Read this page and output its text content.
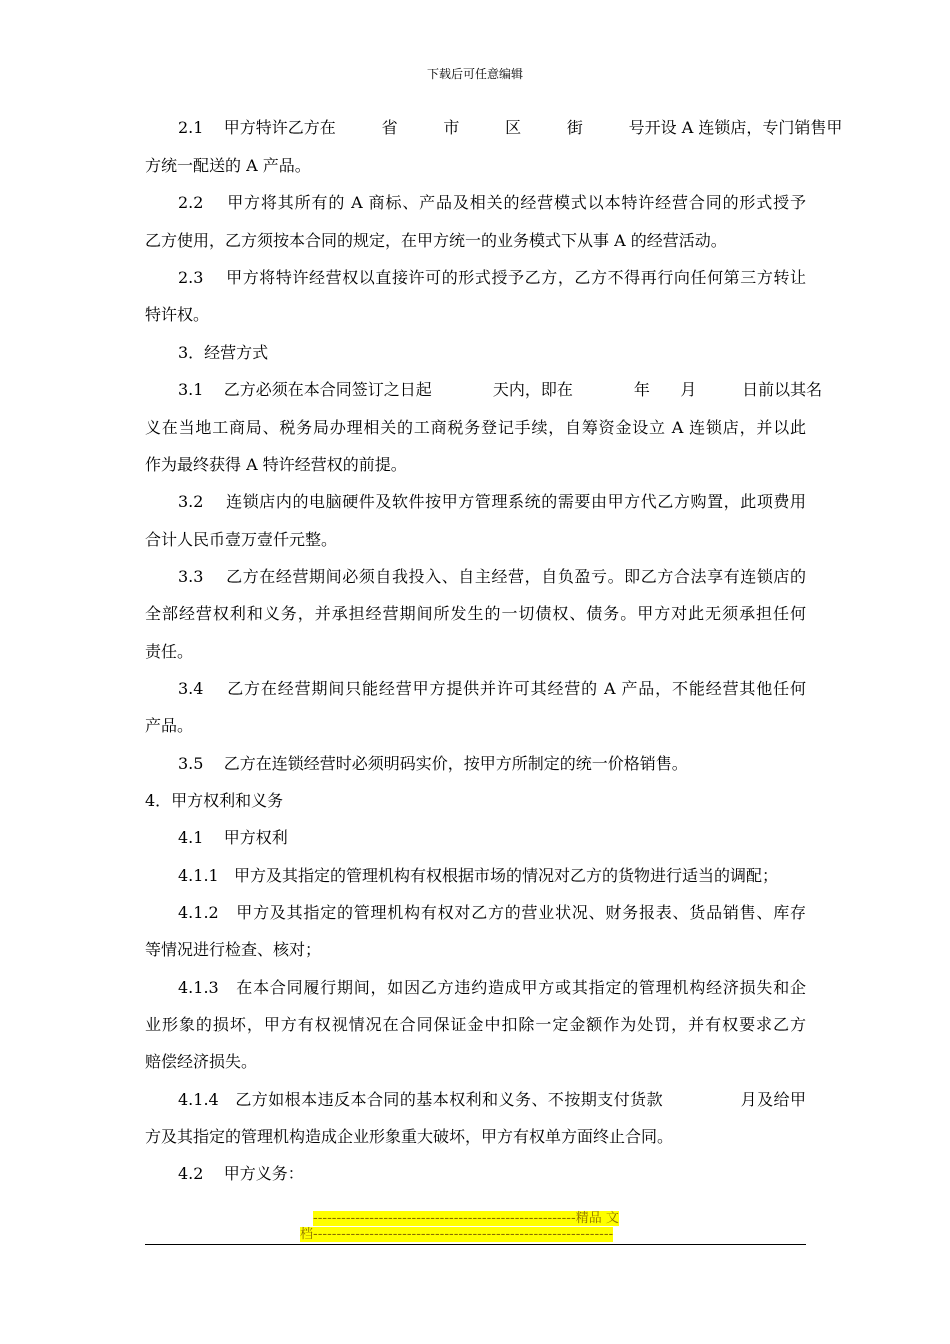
下载后可任意编辑
2.1    甲方特许乙方在         省         市         区         街         号开设 A 连锁店，专门销售甲
方统一配送的 A 产品。
2.2    甲方将其所有的 A 商标、产品及相关的经营模式以本特许经营合同的形式授予
乙方使用，乙方须按本合同的规定，在甲方统一的业务模式下从事 A 的经营活动。
2.3    甲方将特许经营权以直接许可的形式授予乙方，乙方不得再行向任何第三方转让
特许权。
3．经营方式
3.1    乙方必须在本合同签订之日起            天内，即在            年      月         日前以其名
义在当地工商局、税务局办理相关的工商税务登记手续，自筹资金设立 A 连锁店，并以此
作为最终获得 A 特许经营权的前提。
3.2    连锁店内的电脑硬件及软件按甲方管理系统的需要由甲方代乙方购置，此项费用
合计人民币壹万壹仟元整。
3.3    乙方在经营期间必须自我投入、自主经营，自负盈亏。即乙方合法享有连锁店的
全部经营权利和义务，并承担经营期间所发生的一切债权、债务。甲方对此无须承担任何
责任。
3.4    乙方在经营期间只能经营甲方提供并许可其经营的 A 产品，不能经营其他任何
产品。
3.5    乙方在连锁经营时必须明码实价，按甲方所制定的统一价格销售。
4．甲方权利和义务
4.1    甲方权利
4.1.1   甲方及其指定的管理机构有权根据市场的情况对乙方的货物进行适当的调配；
4.1.2   甲方及其指定的管理机构有权对乙方的营业状况、财务报表、货品销售、库存
等情况进行检查、核对；
4.1.3   在本合同履行期间，如因乙方违约造成甲方或其指定的管理机构经济损失和企
业形象的损坏，甲方有权视情况在合同保证金中扣除一定金额作为处罚，并有权要求乙方
赔偿经济损失。
4.1.4   乙方如根本违反本合同的基本权利和义务、不按期支付货款              月及给甲
方及其指定的管理机构造成企业形象重大破坏，甲方有权单方面终止合同。
4.2    甲方义务：
--------------------------------------------------------精品 文
档----------------------------------------------------------------
